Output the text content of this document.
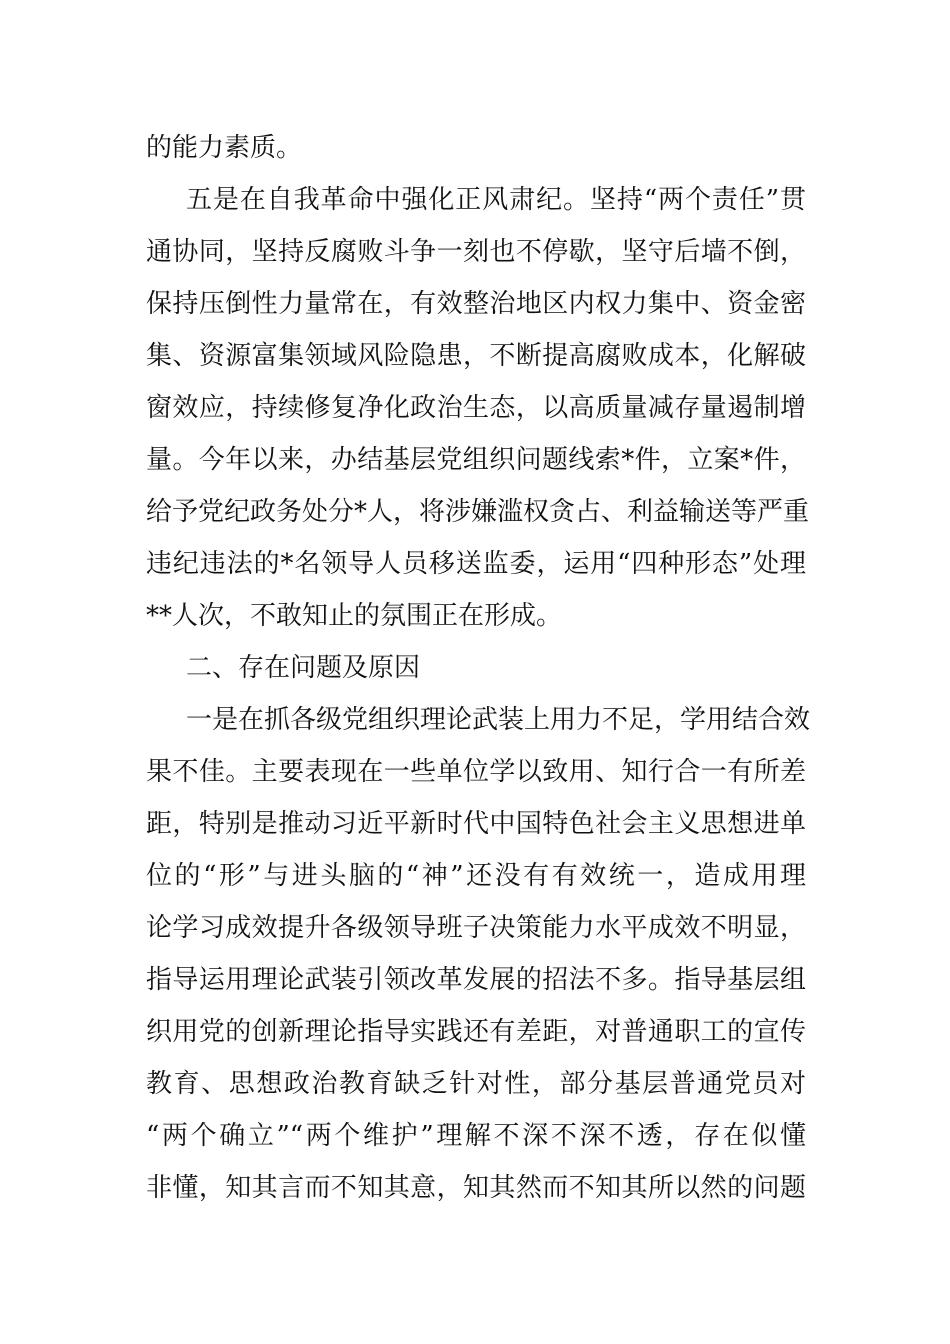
的能力素质。
五是在自我革命中强化正风肃纪。坚持“两个责任”贯
通协同，坚持反腐败斗争一刻也不停歇，坚守后墙不倒，
保持压倒性力量常在，有效整治地区内权力集中、资金密
集、资源富集领域风险隐患，不断提高腐败成本，化解破
窗效应，持续修复净化政治生态，以高质量减存量遏制增
量。今年以来，办结基层党组织问题线索*件，立案*件，
给予党纪政务处分*人，将涉嫌滥权贪占、利益输送等严重
违纪违法的*名领导人员移送监委，运用“四种形态”处理
**人次，不敢知止的氛围正在形成。
二、存在问题及原因
一是在抓各级党组织理论武装上用力不足，学用结合效
果不佳。主要表现在一些单位学以致用、知行合一有所差
距，特别是推动习近平新时代中国特色社会主义思想进单
位的“形”与进头脑的“神”还没有有效统一，造成用理
论学习成效提升各级领导班子决策能力水平成效不明显，
指导运用理论武装引领改革发展的招法不多。指导基层组
织用党的创新理论指导实践还有差距，对普通职工的宣传
教育、思想政治教育缺乏针对性，部分基层普通党员对
“两个确立”“两个维护”理解不深不深不透，存在似懂
非懂，知其言而不知其意，知其然而不知其所以然的问题
